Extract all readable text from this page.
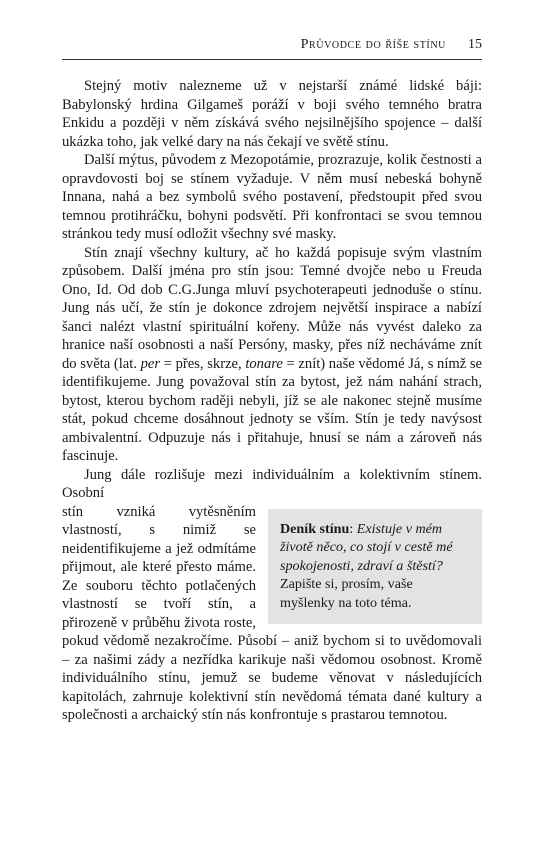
Průvodce do říše stínu 15

Stejný motiv nalezneme už v nejstarší známé lidské báji: Babylonský hrdina Gilgameš poráží v boji svého temného bratra Enkidu a později v něm získává svého nejsilnějšího spojence – další ukázka toho, jak velké dary na nás čekají ve světě stínu.

Další mýtus, původem z Mezopotámie, prozrazuje, kolik čestnosti a opravdovosti boj se stínem vyžaduje. V něm musí nebeská bohyně Innana, nahá a bez symbolů svého postavení, předstoupit před svou temnou protihráčku, bohyni podsvětí. Při konfrontaci se svou temnou stránkou tedy musí odložit všechny své masky.

Stín znají všechny kultury, ač ho každá popisuje svým vlastním způsobem. Další jména pro stín jsou: Temné dvojče nebo u Freuda Ono, Id. Od dob C.G.Junga mluví psychoterapeuti jednoduše o stínu. Jung nás učí, že stín je dokonce zdrojem největší inspirace a nabízí šanci nalézt vlastní spirituální kořeny. Může nás vyvést daleko za hranice naší osobnosti a naší Persóny, masky, přes níž necháváme znít do světa (lat. per = přes, skrze, tonare = znít) naše vědomé Já, s nímž se identifikujeme. Jung považoval stín za bytost, jež nám nahání strach, bytost, kterou bychom raději nebyli, jíž se ale nakonec stejně musíme stát, pokud chceme dosáhnout jednoty se vším. Stín je tedy navýsost ambivalentní. Odpuzuje nás i přitahuje, hnusí se nám a zároveň nás fascinuje.

Jung dále rozlišuje mezi individuálním a kolektivním stínem. Osobní

Deník stínu: Existuje v mém životě něco, co stojí v cestě mé spokojenosti, zdraví a štěstí?
Zapište si, prosím, vaše myšlenky na toto téma.

stín vzniká vytěsněním vlastností, s nimiž se neidentifikujeme a jež odmítáme přijmout, ale které přesto máme. Ze souboru těchto potlačených vlastností se tvoří stín, a přirozeně v průběhu života roste, pokud vědomě nezakročíme. Působí – aniž bychom si to uvědomovali – za našimi zády a nezřídka karikuje naši vědomou osobnost. Kromě individuálního stínu, jemuž se budeme věnovat v následujících kapitolách, zahrnuje kolektivní stín nevědomá témata dané kultury a společnosti a archaický stín nás konfrontuje s prastarou temnotou.
